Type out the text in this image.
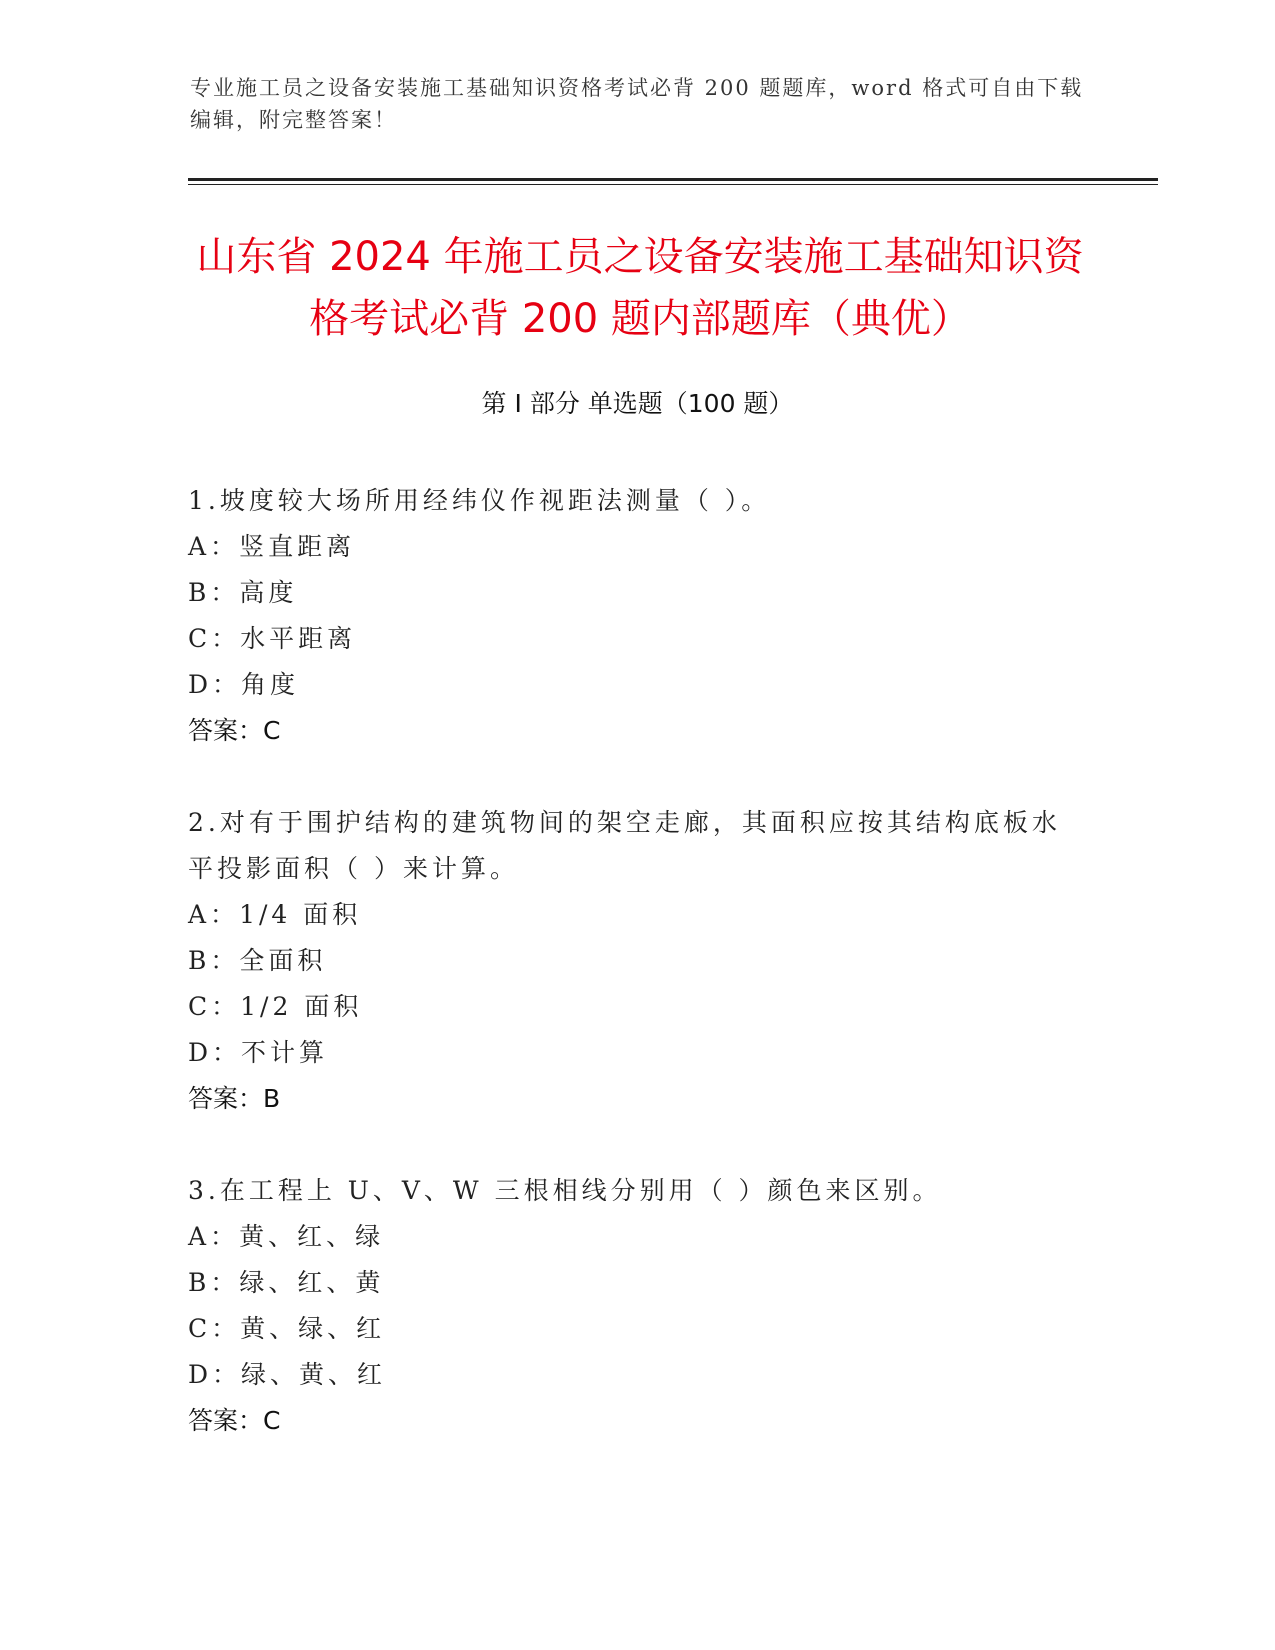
专业施工员之设备安装施工基础知识资格考试必背 200 题题库，word 格式可自由下载编辑，附完整答案！
山东省 2024 年施工员之设备安装施工基础知识资格考试必背 200 题内部题库（典优）
第 I 部分 单选题（100 题）
1.坡度较大场所用经纬仪作视距法测量（ ）。
A：竖直距离
B：高度
C：水平距离
D：角度
答案：C
2.对有于围护结构的建筑物间的架空走廊，其面积应按其结构底板水平投影面积（ ）来计算。
A：1/4 面积
B：全面积
C：1/2 面积
D：不计算
答案：B
3.在工程上 U、V、W 三根相线分别用（ ）颜色来区别。
A：黄、红、绿
B：绿、红、黄
C：黄、绿、红
D：绿、黄、红
答案：C
